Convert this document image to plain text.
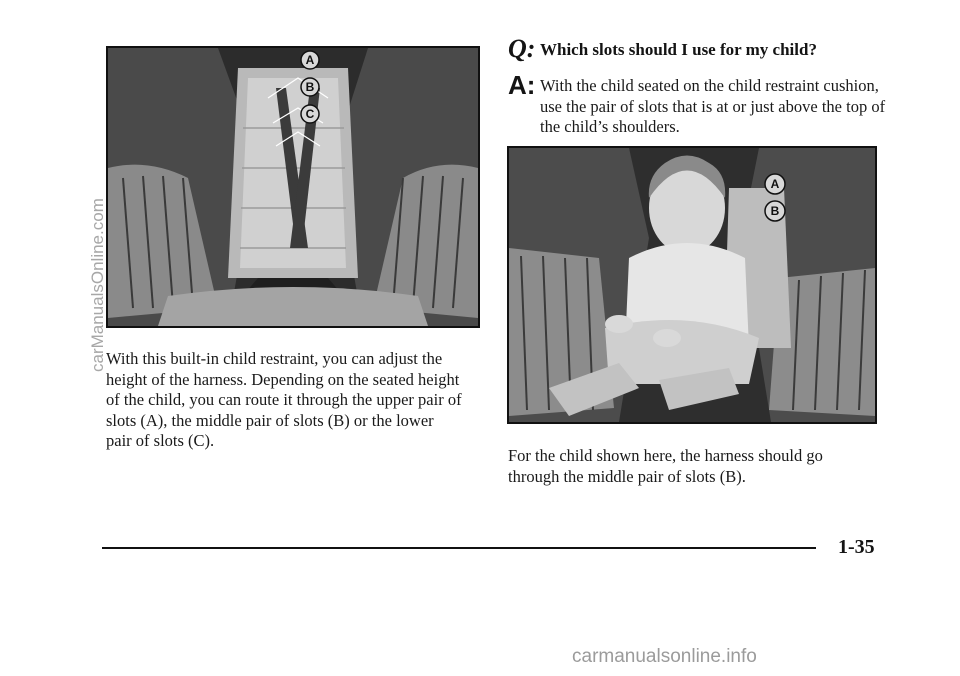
A
B
C

With this built-in child restraint, you can adjust the height of the harness. Depending on the seated height of the child, you can route it through the upper pair of slots (A), the middle pair of slots (B) or the lower pair of slots (C).

Q: Which slots should I use for my child?
A: With the child seated on the child restraint cushion, use the pair of slots that is at or just above the top of the child’s shoulders.

A
B

For the child shown here, the harness should go through the middle pair of slots (B).

1-35
carManualsOnline.com
carmanualsonline.info
